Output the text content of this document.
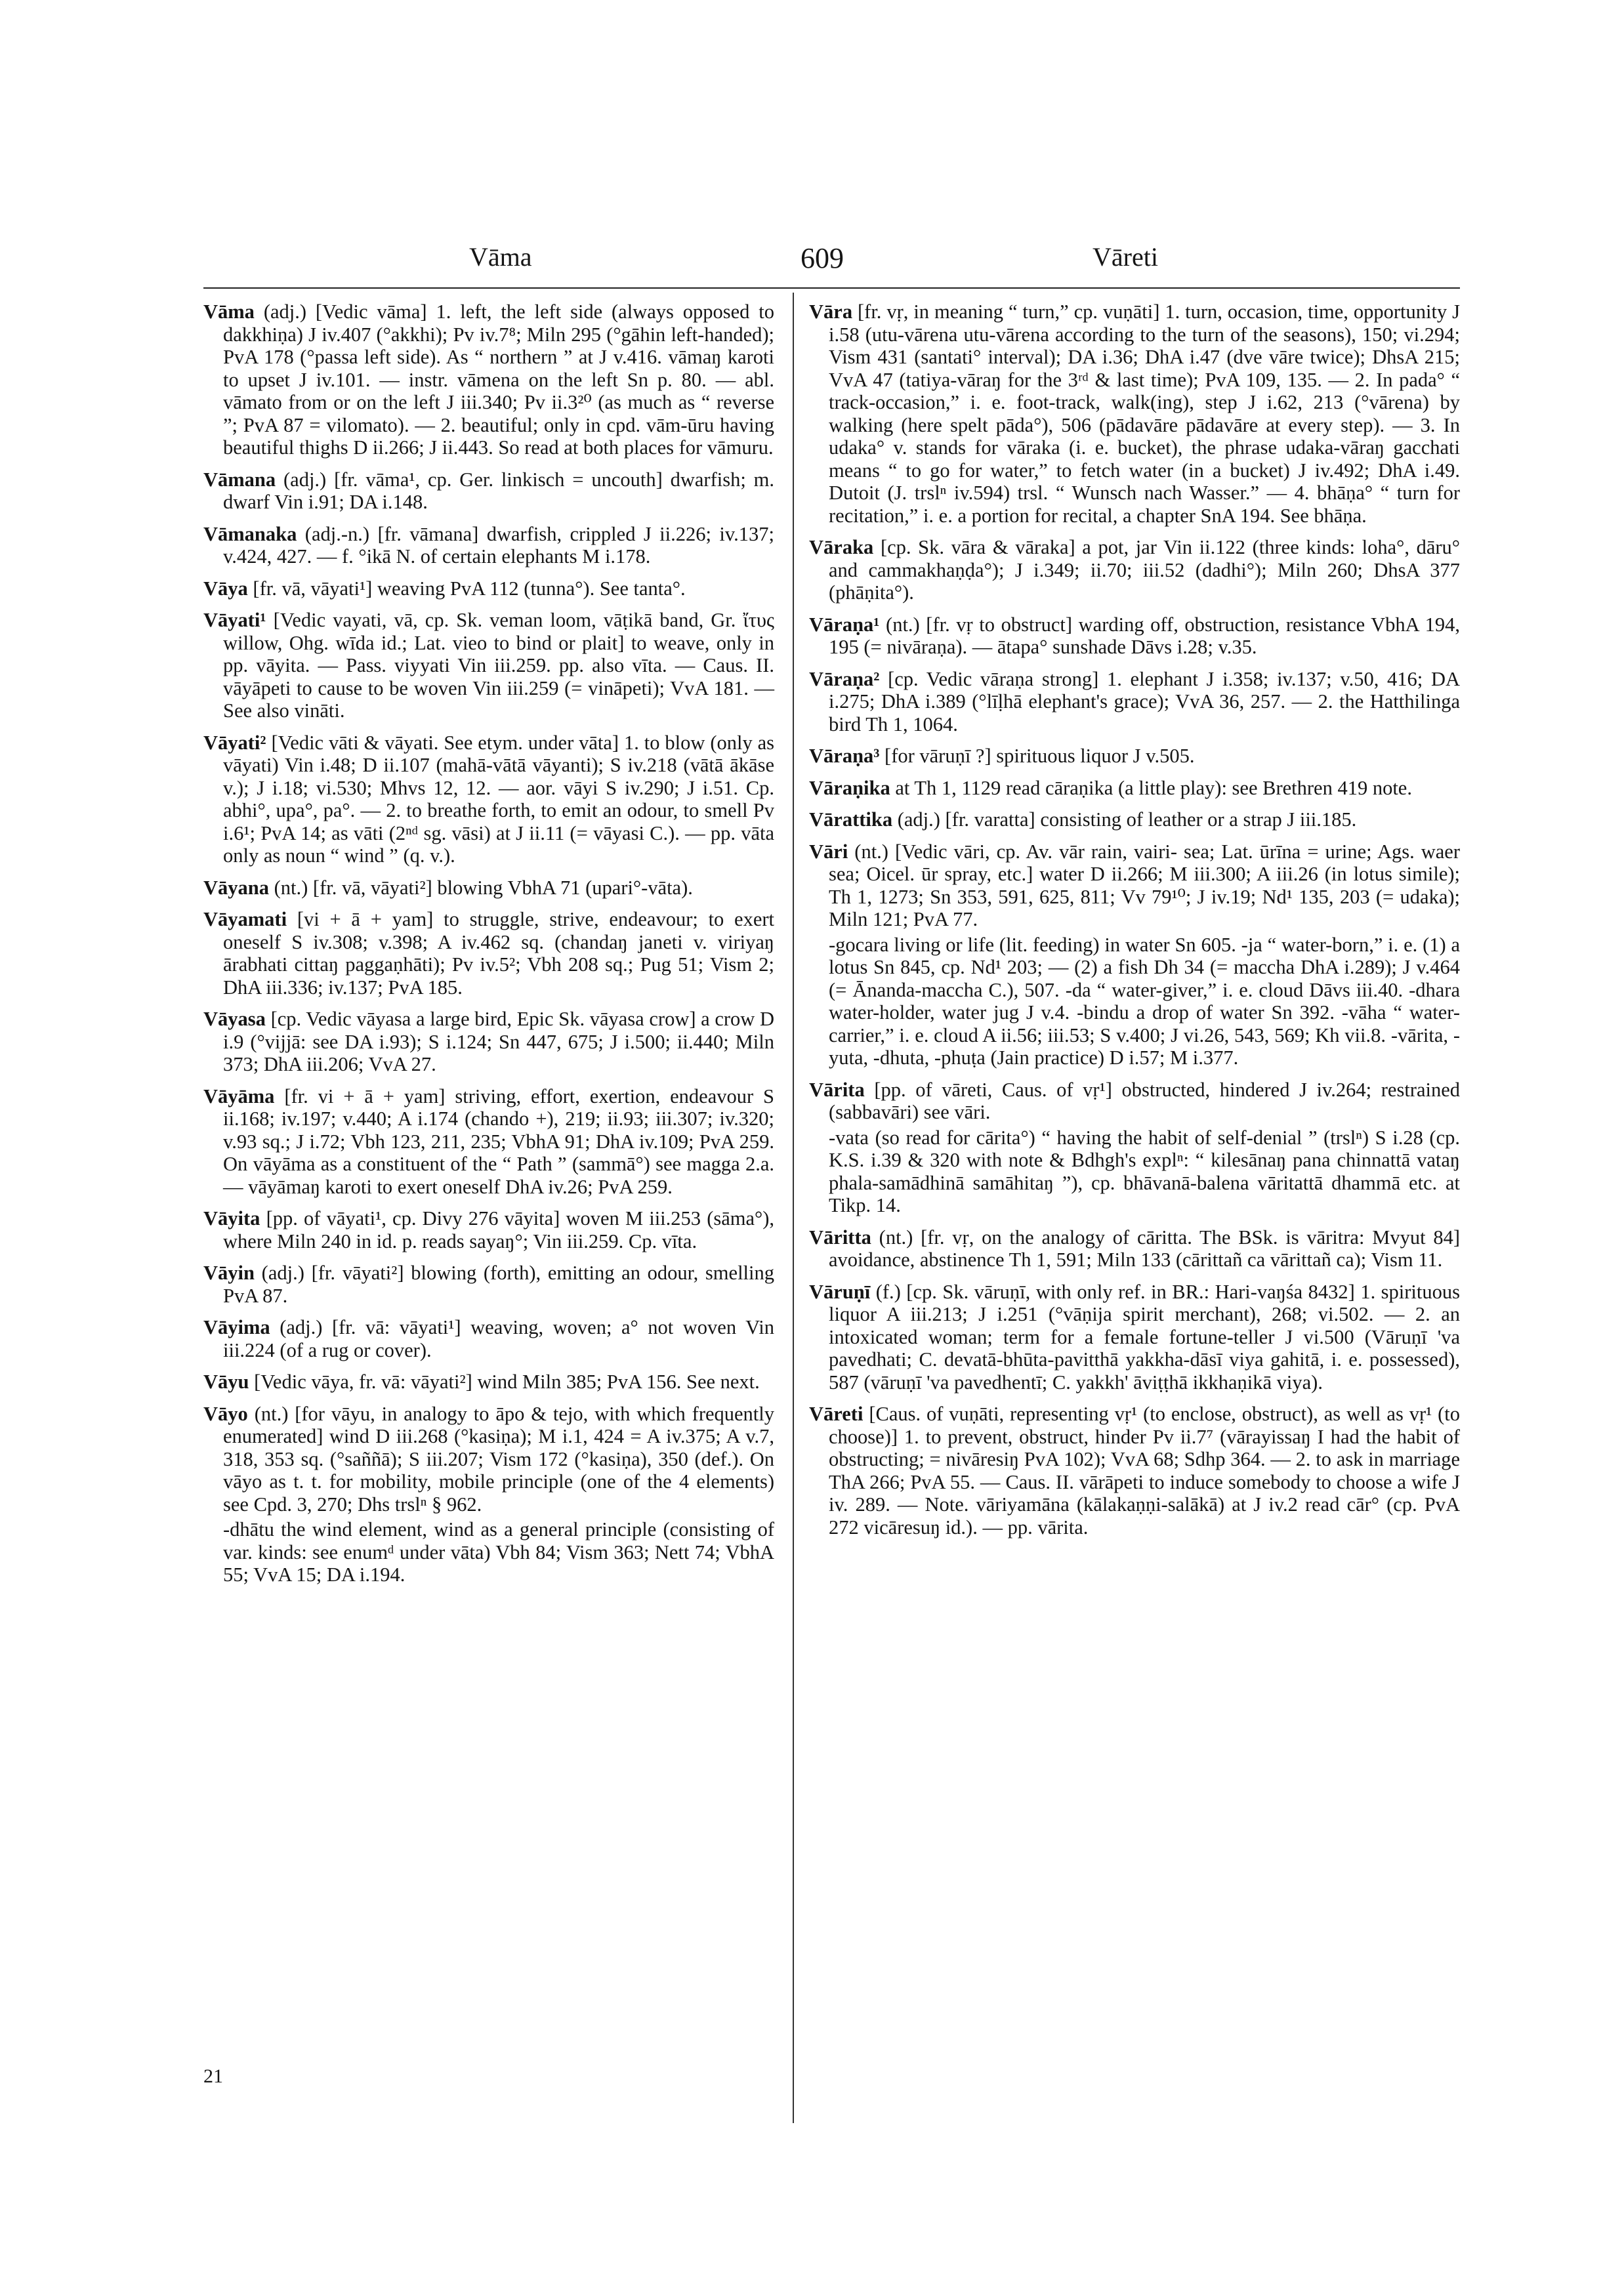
Vāma	609	Vāreti

Vāma (adj.) [Vedic vāma] 1. left, the left side (always opposed to dakkhiṇa) J iv.407 (°akkhi); Pv iv.7⁸; Miln 295 (°gāhin left-handed); PvA 178 (°passa left side). As “ northern ” at J v.416. vāmaŋ karoti to upset J iv.101. — instr. vāmena on the left Sn p. 80. — abl. vāmato from or on the left J iii.340; Pv ii.3²⁰ (as much as “ reverse ”; PvA 87 = vilomato). — 2. beautiful; only in cpd. vām-ūru having beautiful thighs D ii.266; J ii.443. So read at both places for vāmuru.

Vāmana (adj.) [fr. vāma¹, cp. Ger. linkisch = uncouth] dwarfish; m. dwarf Vin i.91; DA i.148.

Vāmanaka (adj.-n.) [fr. vāmana] dwarfish, crippled J ii.226; iv.137; v.424, 427. — f. °ikā N. of certain elephants M i.178.

Vāya [fr. vā, vāyati¹] weaving PvA 112 (tunna°). See tanta°.

Vāyati¹ [Vedic vayati, vā, cp. Sk. veman loom, vāṭikā band, Gr. ἴτυς willow, Ohg. wīda id.; Lat. vieo to bind or plait] to weave, only in pp. vāyita. — Pass. viyyati Vin iii.259. pp. also vīta. — Caus. II. vāyāpeti to cause to be woven Vin iii.259 (= vināpeti); VvA 181. — See also vināti.

Vāyati² [Vedic vāti & vāyati. See etym. under vāta] 1. to blow (only as vāyati) Vin i.48; D ii.107 (mahā-vātā vāyanti); S iv.218 (vātā ākāse v.); J i.18; vi.530; Mhvs 12, 12. — aor. vāyi S iv.290; J i.51. Cp. abhi°, upa°, pa°. — 2. to breathe forth, to emit an odour, to smell Pv i.6¹; PvA 14; as vāti (2ⁿᵈ sg. vāsi) at J ii.11 (= vāyasi C.). — pp. vāta only as noun “ wind ” (q. v.).

Vāyana (nt.) [fr. vā, vāyati²] blowing VbhA 71 (upari°-vāta).

Vāyamati [vi + ā + yam] to struggle, strive, endeavour; to exert oneself S iv.308; v.398; A iv.462 sq. (chandaŋ janeti v. viriyaŋ ārabhati cittaŋ paggaṇhāti); Pv iv.5²; Vbh 208 sq.; Pug 51; Vism 2; DhA iii.336; iv.137; PvA 185.

Vāyasa [cp. Vedic vāyasa a large bird, Epic Sk. vāyasa crow] a crow D i.9 (°vijjā: see DA i.93); S i.124; Sn 447, 675; J i.500; ii.440; Miln 373; DhA iii.206; VvA 27.

Vāyāma [fr. vi + ā + yam] striving, effort, exertion, endeavour S ii.168; iv.197; v.440; A i.174 (chando +), 219; ii.93; iii.307; iv.320; v.93 sq.; J i.72; Vbh 123, 211, 235; VbhA 91; DhA iv.109; PvA 259. On vāyāma as a constituent of the “ Path ” (sammā°) see magga 2.a. — vāyāmaŋ karoti to exert oneself DhA iv.26; PvA 259.

Vāyita [pp. of vāyati¹, cp. Divy 276 vāyita] woven M iii.253 (sāma°), where Miln 240 in id. p. reads sayaŋ°; Vin iii.259. Cp. vīta.

Vāyin (adj.) [fr. vāyati²] blowing (forth), emitting an odour, smelling PvA 87.

Vāyima (adj.) [fr. vā: vāyati¹] weaving, woven; a° not woven Vin iii.224 (of a rug or cover).

Vāyu [Vedic vāya, fr. vā: vāyati²] wind Miln 385; PvA 156. See next.

Vāyo (nt.) [for vāyu, in analogy to āpo & tejo, with which frequently enumerated] wind D iii.268 (°kasiṇa); M i.1, 424 = A iv.375; A v.7, 318, 353 sq. (°saññā); S iii.207; Vism 172 (°kasiṇa), 350 (def.). On vāyo as t. t. for mobility, mobile principle (one of the 4 elements) see Cpd. 3, 270; Dhs trslⁿ § 962.

-dhātu the wind element, wind as a general principle (consisting of var. kinds: see enumᵈ under vāta) Vbh 84; Vism 363; Nett 74; VbhA 55; VvA 15; DA i.194.

Vāra [fr. vṛ, in meaning “ turn,” cp. vuṇāti] 1. turn, occasion, time, opportunity J i.58 (utu-vārena utu-vārena according to the turn of the seasons), 150; vi.294; Vism 431 (santati° interval); DA i.36; DhA i.47 (dve vāre twice); DhsA 215; VvA 47 (tatiya-vāraŋ for the 3ʳᵈ & last time); PvA 109, 135. — 2. In pada° “ track-occasion,” i. e. foot-track, walk(ing), step J i.62, 213 (°vārena) by walking (here spelt pāda°), 506 (pādavāre pādavāre at every step). — 3. In udaka° v. stands for vāraka (i. e. bucket), the phrase udaka-vāraŋ gacchati means “ to go for water,” to fetch water (in a bucket) J iv.492; DhA i.49. Dutoit (J. trslⁿ iv.594) trsl. “ Wunsch nach Wasser.” — 4. bhāṇa° “ turn for recitation,” i. e. a portion for recital, a chapter SnA 194. See bhāṇa.

Vāraka [cp. Sk. vāra & vāraka] a pot, jar Vin ii.122 (three kinds: loha°, dāru° and cammakhaṇḍa°); J i.349; ii.70; iii.52 (dadhi°); Miln 260; DhsA 377 (phāṇita°).

Vāraṇa¹ (nt.) [fr. vṛ to obstruct] warding off, obstruction, resistance VbhA 194, 195 (= nivāraṇa). — ātapa° sunshade Dāvs i.28; v.35.

Vāraṇa² [cp. Vedic vāraṇa strong] 1. elephant J i.358; iv.137; v.50, 416; DA i.275; DhA i.389 (°līḷhā elephant's grace); VvA 36, 257. — 2. the Hatthilinga bird Th 1, 1064.

Vāraṇa³ [for vāruṇī ?] spirituous liquor J v.505.

Vāraṇika at Th 1, 1129 read cāraṇika (a little play): see Brethren 419 note.

Vārattika (adj.) [fr. varatta] consisting of leather or a strap J iii.185.

Vāri (nt.) [Vedic vāri, cp. Av. vār rain, vairi- sea; Lat. ūrīna = urine; Ags. waer sea; Oicel. ūr spray, etc.] water D ii.266; M iii.300; A iii.26 (in lotus simile); Th 1, 1273; Sn 353, 591, 625, 811; Vv 79¹⁰; J iv.19; Nd¹ 135, 203 (= udaka); Miln 121; PvA 77.

-gocara living or life (lit. feeding) in water Sn 605. -ja “ water-born,” i. e. (1) a lotus Sn 845, cp. Nd¹ 203; — (2) a fish Dh 34 (= maccha DhA i.289); J v.464 (= Ānanda-maccha C.), 507. -da “ water-giver,” i. e. cloud Dāvs iii.40. -dhara water-holder, water jug J v.4. -bindu a drop of water Sn 392. -vāha “ water-carrier,” i. e. cloud A ii.56; iii.53; S v.400; J vi.26, 543, 569; Kh vii.8. -vārita, -yuta, -dhuta, -phuṭa (Jain practice) D i.57; M i.377.

Vārita [pp. of vāreti, Caus. of vṛ¹] obstructed, hindered J iv.264; restrained (sabbavāri) see vāri.

-vata (so read for cārita°) “ having the habit of self-denial ” (trslⁿ) S i.28 (cp. K.S. i.39 & 320 with note & Bdhgh's explⁿ: “ kilesānaŋ pana chinnattā vataŋ phala-samādhinā samāhitaŋ ”), cp. bhāvanā-balena vāritattā dhammā etc. at Tikp. 14.

Vāritta (nt.) [fr. vṛ, on the analogy of cāritta. The BSk. is vāritra: Mvyut 84] avoidance, abstinence Th 1, 591; Miln 133 (cārittañ ca vārittañ ca); Vism 11.

Vāruṇī (f.) [cp. Sk. vāruṇī, with only ref. in BR.: Hari-vaŋśa 8432] 1. spirituous liquor A iii.213; J i.251 (°vāṇija spirit merchant), 268; vi.502. — 2. an intoxicated woman; term for a female fortune-teller J vi.500 (Vāruṇī 'va pavedhati; C. devatā-bhūta-pavitthā yakkha-dāsī viya gahitā, i. e. possessed), 587 (vāruṇī 'va pavedhentī; C. yakkh' āviṭṭhā ikkhaṇikā viya).

Vāreti [Caus. of vuṇāti, representing vṛ¹ (to enclose, obstruct), as well as vṛ¹ (to choose)] 1. to prevent, obstruct, hinder Pv ii.7⁷ (vārayissaŋ I had the habit of obstructing; = nivāresiŋ PvA 102); VvA 68; Sdhp 364. — 2. to ask in marriage ThA 266; PvA 55. — Caus. II. vārāpeti to induce somebody to choose a wife J iv. 289. — Note. vāriyamāna (kālakaṇṇi-salākā) at J iv.2 read cār° (cp. PvA 272 vicāresuŋ id.). — pp. vārita.

21
